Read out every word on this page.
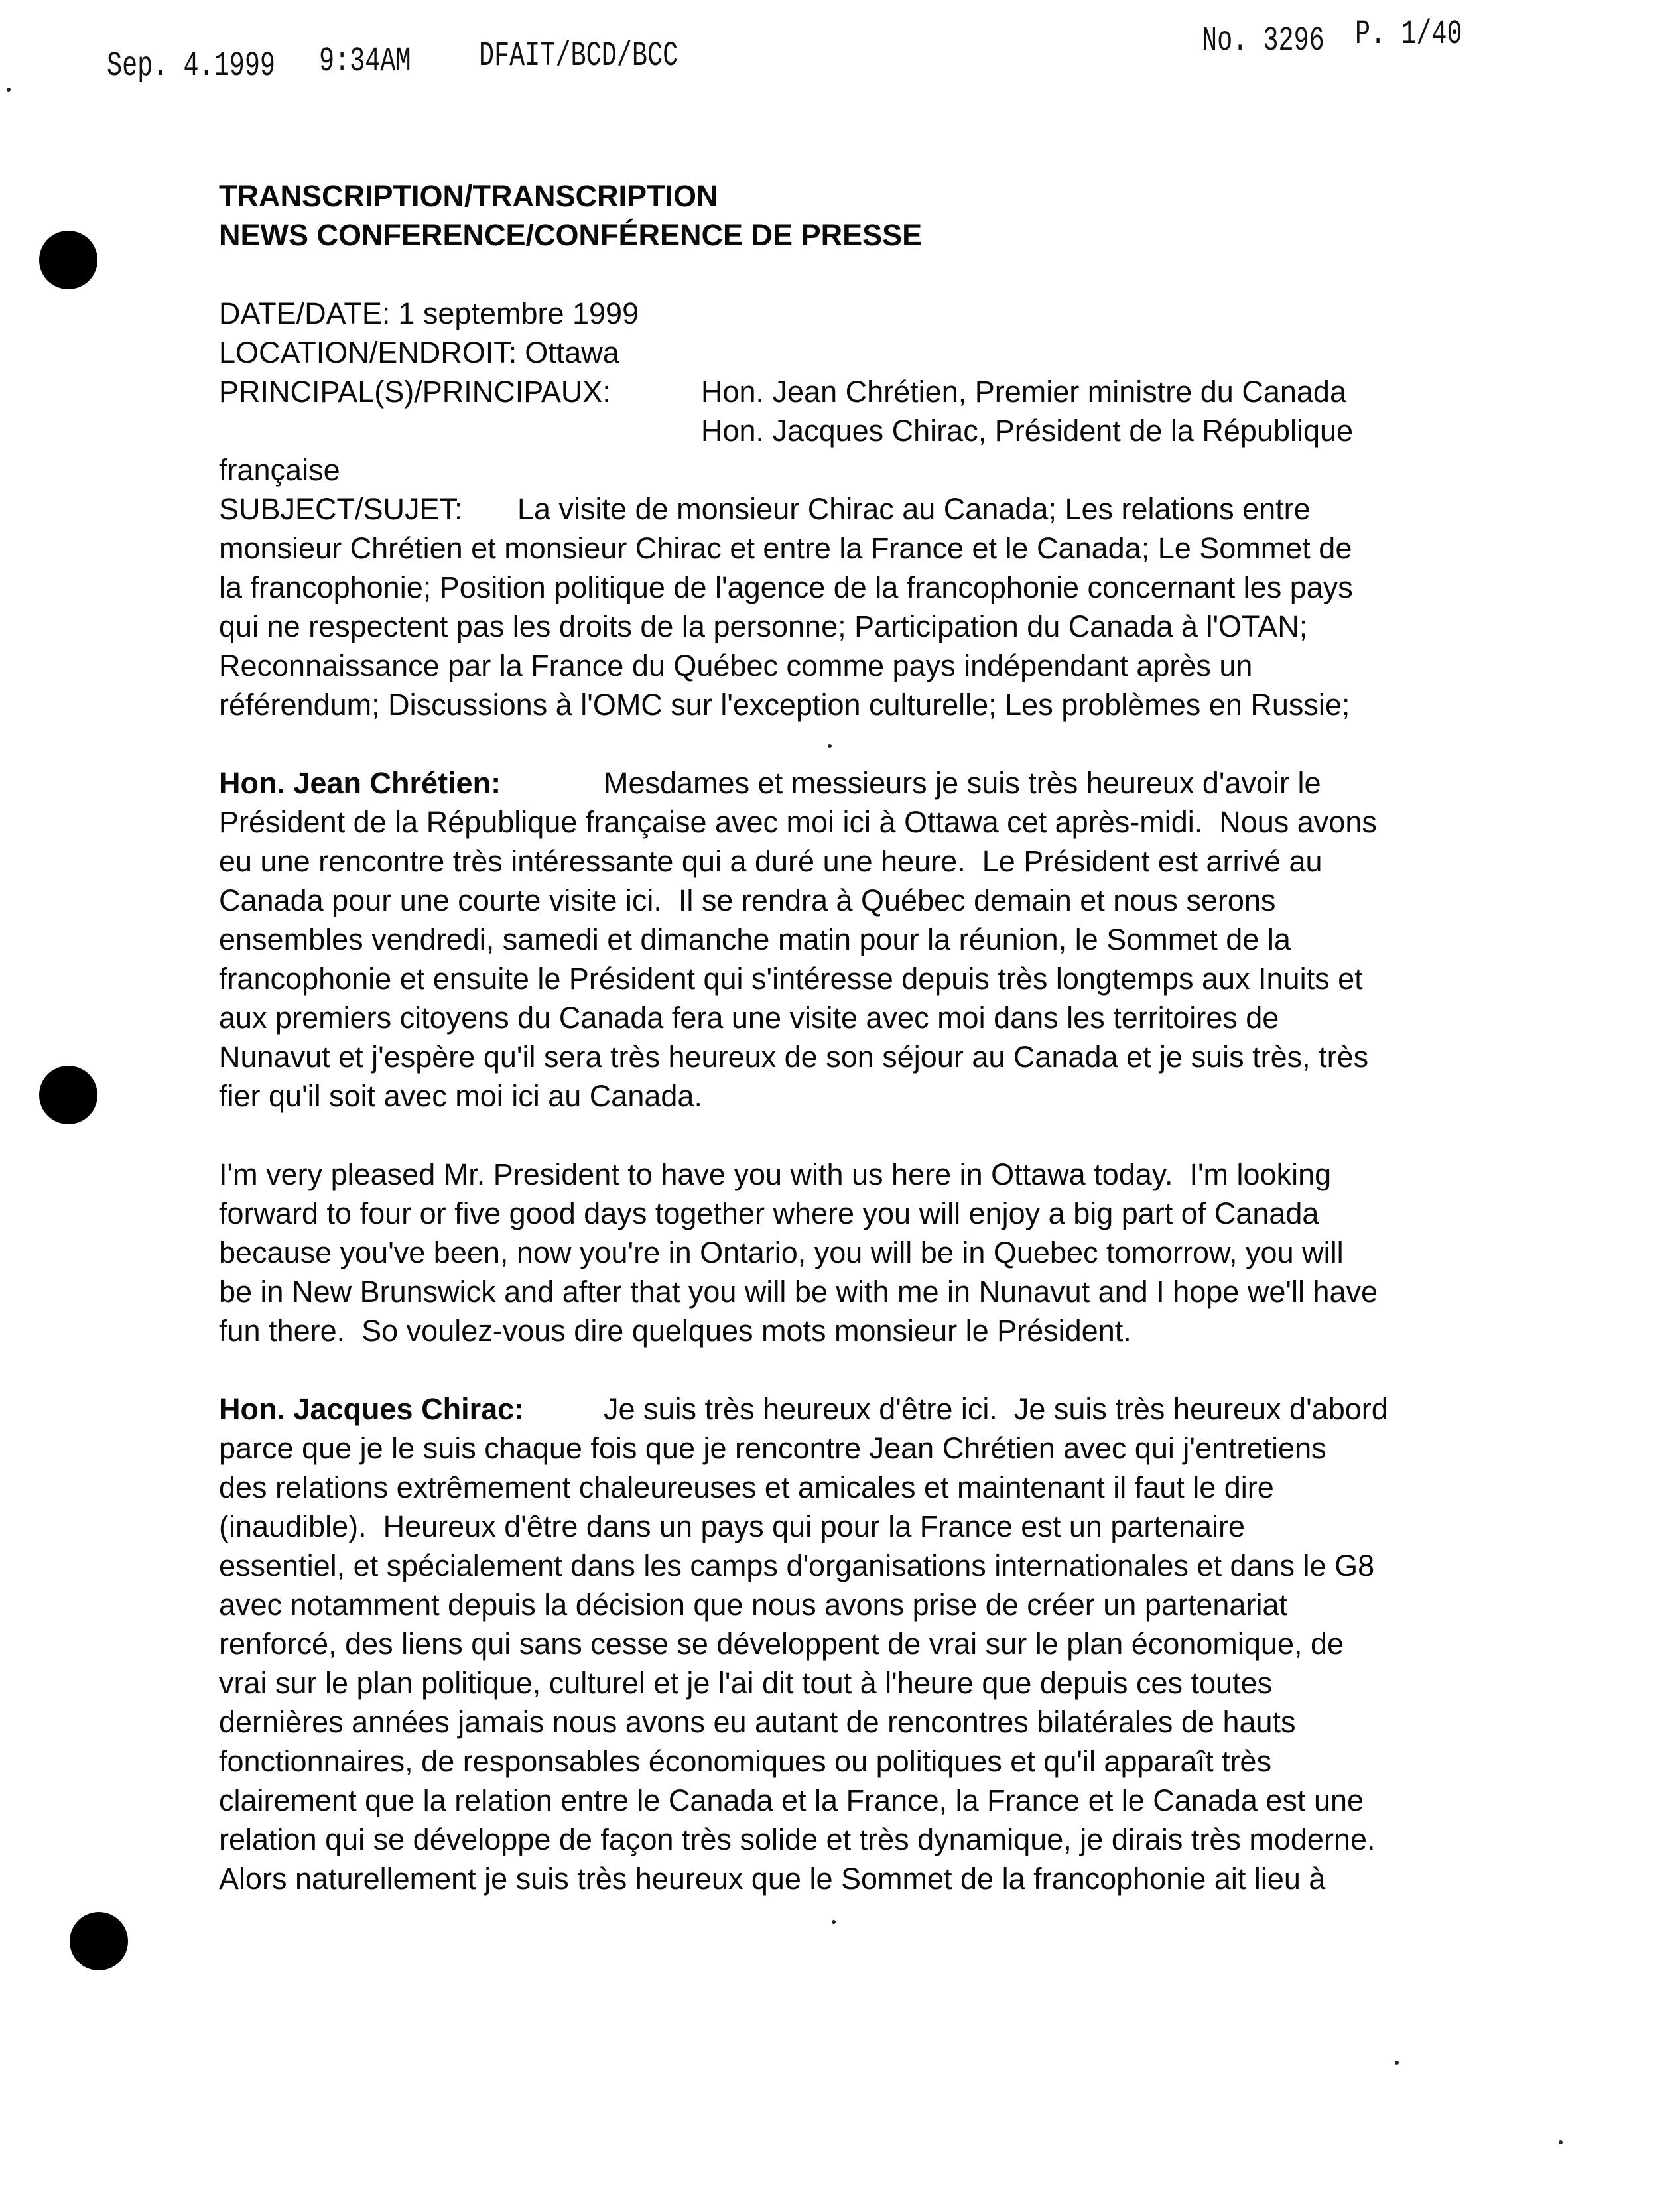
Sep. 4.1999 9:34AM DFAIT/BCD/BCC	No. 3296 P. 1/40
TRANSCRIPTION/TRANSCRIPTION
NEWS CONFERENCE/CONFÉRENCE DE PRESSE
DATE/DATE: 1 septembre 1999
LOCATION/ENDROIT: Ottawa
PRINCIPAL(S)/PRINCIPAUX:	Hon. Jean Chrétien, Premier ministre du Canada
Hon. Jacques Chirac, Président de la République
française
SUBJECT/SUJET: La visite de monsieur Chirac au Canada; Les relations entre
monsieur Chrétien et monsieur Chirac et entre la France et le Canada; Le Sommet de
la francophonie; Position politique de l'agence de la francophonie concernant les pays
qui ne respectent pas les droits de la personne; Participation du Canada à l'OTAN;
Reconnaissance par la France du Québec comme pays indépendant après un
référendum; Discussions à l'OMC sur l'exception culturelle; Les problèmes en Russie;
Hon. Jean Chrétien:	Mesdames et messieurs je suis très heureux d'avoir le
Président de la République française avec moi ici à Ottawa cet après-midi.  Nous avons
eu une rencontre très intéressante qui a duré une heure.  Le Président est arrivé au
Canada pour une courte visite ici.  Il se rendra à Québec demain et nous serons
ensembles vendredi, samedi et dimanche matin pour la réunion, le Sommet de la
francophonie et ensuite le Président qui s'intéresse depuis très longtemps aux Inuits et
aux premiers citoyens du Canada fera une visite avec moi dans les territoires de
Nunavut et j'espère qu'il sera très heureux de son séjour au Canada et je suis très, très
fier qu'il soit avec moi ici au Canada.
I'm very pleased Mr. President to have you with us here in Ottawa today.  I'm looking
forward to four or five good days together where you will enjoy a big part of Canada
because you've been, now you're in Ontario, you will be in Quebec tomorrow, you will
be in New Brunswick and after that you will be with me in Nunavut and I hope we'll have
fun there.  So voulez-vous dire quelques mots monsieur le Président.
Hon. Jacques Chirac:	Je suis très heureux d'être ici.  Je suis très heureux d'abord
parce que je le suis chaque fois que je rencontre Jean Chrétien avec qui j'entretiens
des relations extrêmement chaleureuses et amicales et maintenant il faut le dire
(inaudible).  Heureux d'être dans un pays qui pour la France est un partenaire
essentiel, et spécialement dans les camps d'organisations internationales et dans le G8
avec notamment depuis la décision que nous avons prise de créer un partenariat
renforcé, des liens qui sans cesse se développent de vrai sur le plan économique, de
vrai sur le plan politique, culturel et je l'ai dit tout à l'heure que depuis ces toutes
dernières années jamais nous avons eu autant de rencontres bilatérales de hauts
fonctionnaires, de responsables économiques ou politiques et qu'il apparaît très
clairement que la relation entre le Canada et la France, la France et le Canada est une
relation qui se développe de façon très solide et très dynamique, je dirais très moderne.
Alors naturellement je suis très heureux que le Sommet de la francophonie ait lieu à
